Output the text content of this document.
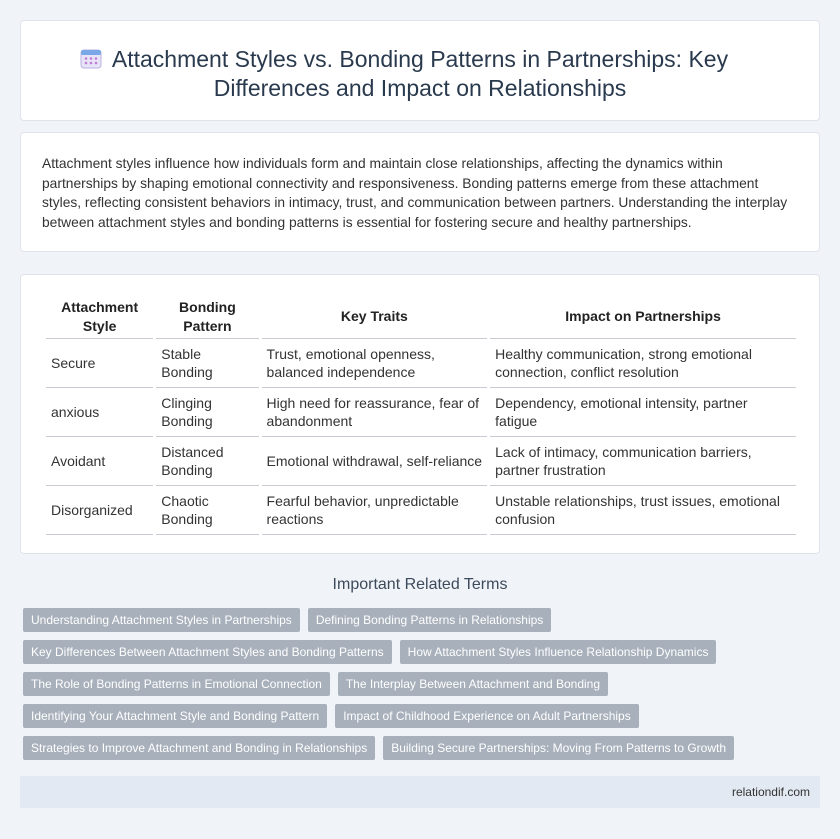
Attachment Styles vs. Bonding Patterns in Partnerships: Key
Differences and Impact on Relationships

Attachment styles influence how individuals form and maintain close relationships, affecting the dynamics within partnerships by shaping emotional connectivity and responsiveness. Bonding patterns emerge from these attachment styles, reflecting consistent behaviors in intimacy, trust, and communication between partners. Understanding the interplay between attachment styles and bonding patterns is essential for fostering secure and healthy partnerships.

Attachment Style	Bonding Pattern	Key Traits	Impact on Partnerships
Secure	Stable Bonding	Trust, emotional openness, balanced independence	Healthy communication, strong emotional connection, conflict resolution
anxious	Clinging Bonding	High need for reassurance, fear of abandonment	Dependency, emotional intensity, partner fatigue
Avoidant	Distanced Bonding	Emotional withdrawal, self-reliance	Lack of intimacy, communication barriers, partner frustration
Disorganized	Chaotic Bonding	Fearful behavior, unpredictable reactions	Unstable relationships, trust issues, emotional confusion
Important Related Terms
Understanding Attachment Styles in Partnerships	Defining Bonding Patterns in Relationships
Key Differences Between Attachment Styles and Bonding Patterns	How Attachment Styles Influence Relationship Dynamics
The Role of Bonding Patterns in Emotional Connection	The Interplay Between Attachment and Bonding
Identifying Your Attachment Style and Bonding Pattern	Impact of Childhood Experience on Adult Partnerships
Strategies to Improve Attachment and Bonding in Relationships	Building Secure Partnerships: Moving From Patterns to Growth
relationdif.com
